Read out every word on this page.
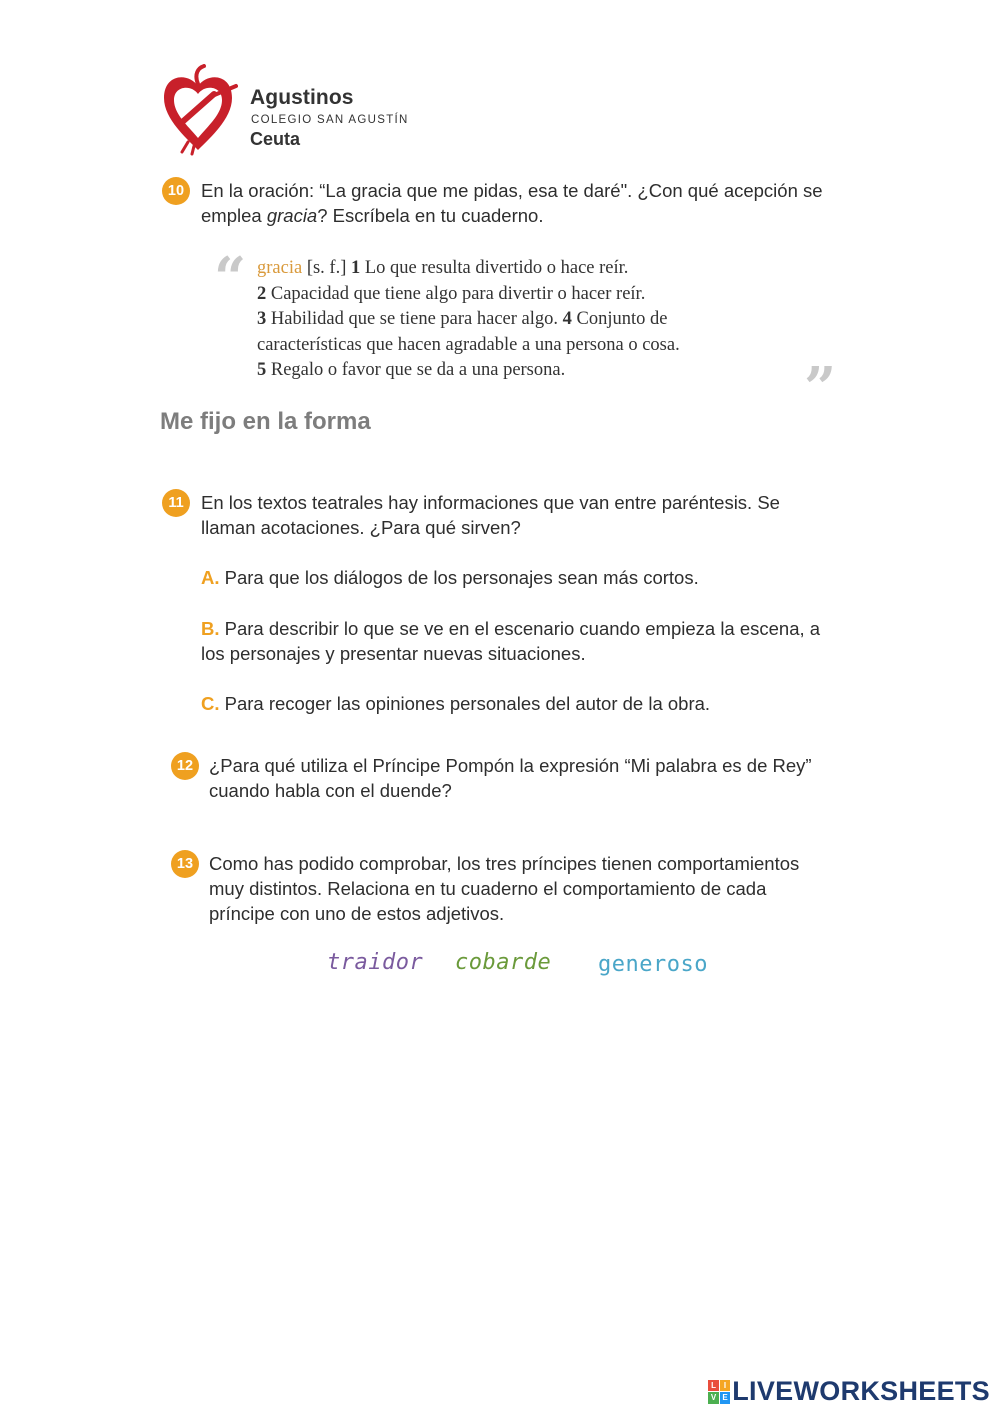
Agustinos
COLEGIO SAN AGUSTÍN
Ceuta
10 En la oración: “La gracia que me pidas, esa te daré". ¿Con qué acepción se
emplea gracia? Escríbela en tu cuaderno.
“ gracia [s. f.] 1 Lo que resulta divertido o hace reír.
2 Capacidad que tiene algo para divertir o hacer reír.
3 Habilidad que se tiene para hacer algo. 4 Conjunto de
características que hacen agradable a una persona o cosa.
5 Regalo o favor que se da a una persona.	”
Me fijo en la forma
11 En los textos teatrales hay informaciones que van entre paréntesis. Se
llaman acotaciones. ¿Para qué sirven?
A. Para que los diálogos de los personajes sean más cortos.
B. Para describir lo que se ve en el escenario cuando empieza la escena, a
los personajes y presentar nuevas situaciones.
C. Para recoger las opiniones personales del autor de la obra.
12 ¿Para qué utiliza el Príncipe Pompón la expresión “Mi palabra es de Rey”
cuando habla con el duende?
13 Como has podido comprobar, los tres príncipes tienen comportamientos
muy distintos. Relaciona en tu cuaderno el comportamiento de cada
príncipe con uno de estos adjetivos.
traidor cobarde generoso
L I
V E LIVEWORKSHEETS
